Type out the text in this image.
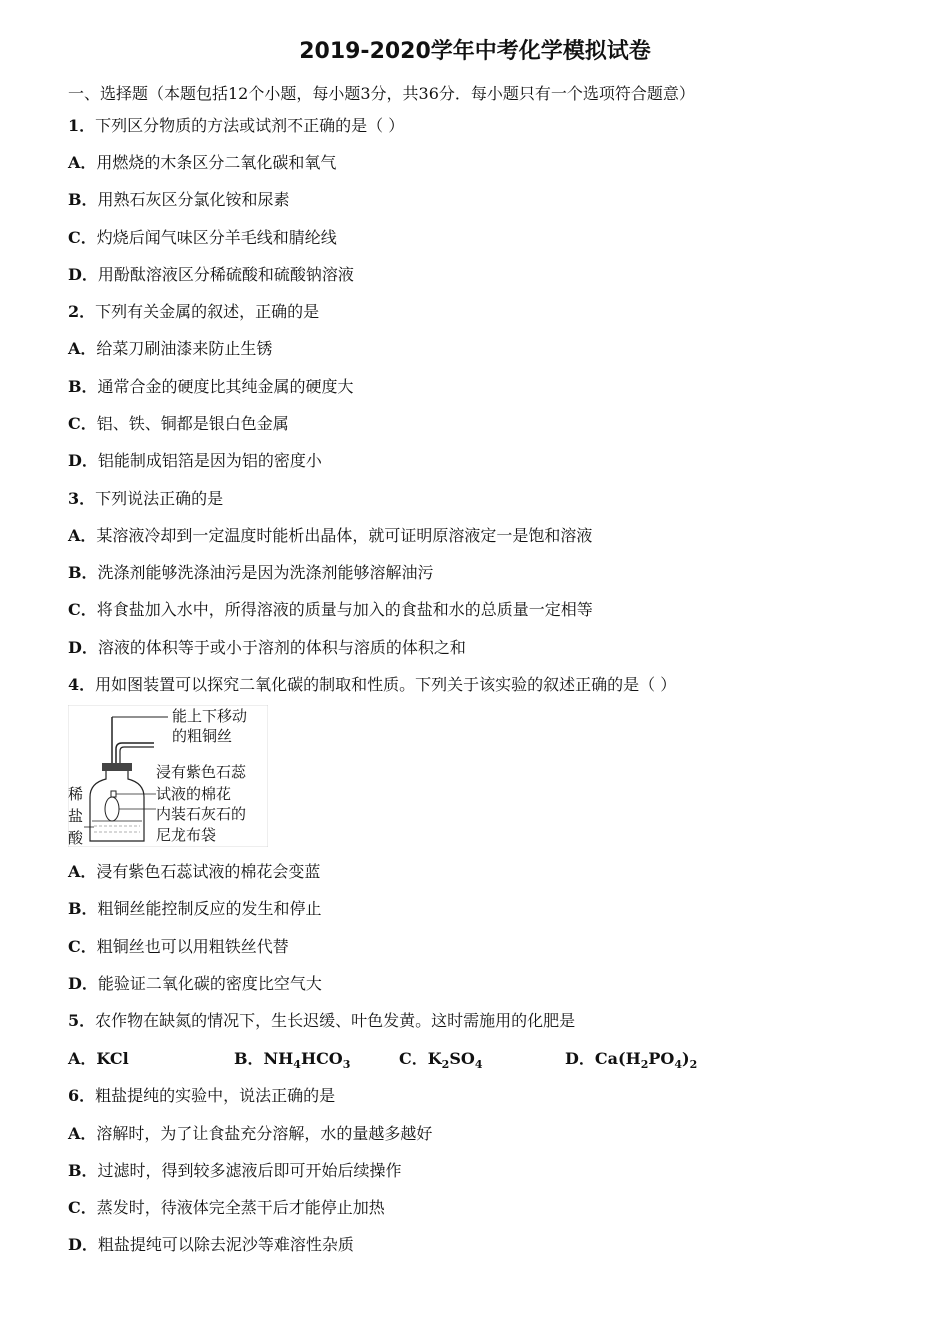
2019-2020学年中考化学模拟试卷
一、选择题（本题包括12个小题，每小题3分，共36分．每小题只有一个选项符合题意）
1．下列区分物质的方法或试剂不正确的是（ ）
A．用燃烧的木条区分二氧化碳和氧气
B．用熟石灰区分氯化铵和尿素
C．灼烧后闻气味区分羊毛线和腈纶线
D．用酚酞溶液区分稀硫酸和硫酸钠溶液
2．下列有关金属的叙述，正确的是
A．给菜刀刷油漆来防止生锈
B．通常合金的硬度比其纯金属的硬度大
C．铝、铁、铜都是银白色金属
D．铝能制成铝箔是因为铝的密度小
3．下列说法正确的是
A．某溶液冷却到一定温度时能析出晶体，就可证明原溶液定一是饱和溶液
B．洗涤剂能够洗涤油污是因为洗涤剂能够溶解油污
C．将食盐加入水中，所得溶液的质量与加入的食盐和水的总质量一定相等
D．溶液的体积等于或小于溶剂的体积与溶质的体积之和
4．用如图装置可以探究二氧化碳的制取和性质。下列关于该实验的叙述正确的是（ ）
能上下移动
的粗铜丝
浸有紫色石蕊
试液的棉花
内装石灰石的
尼龙布袋
稀
盐
酸
A．浸有紫色石蕊试液的棉花会变蓝
B．粗铜丝能控制反应的发生和停止
C．粗铜丝也可以用粗铁丝代替
D．能验证二氧化碳的密度比空气大
5．农作物在缺氮的情况下，生长迟缓、叶色发黄。这时需施用的化肥是
A．KCl	B．$NH_4HCO_3$	C．$K_2SO_4$	D．$Ca(H_2PO_4)_2$
6．粗盐提纯的实验中，说法正确的是
A．溶解时，为了让食盐充分溶解，水的量越多越好
B．过滤时，得到较多滤液后即可开始后续操作
C．蒸发时，待液体完全蒸干后才能停止加热
D．粗盐提纯可以除去泥沙等难溶性杂质
